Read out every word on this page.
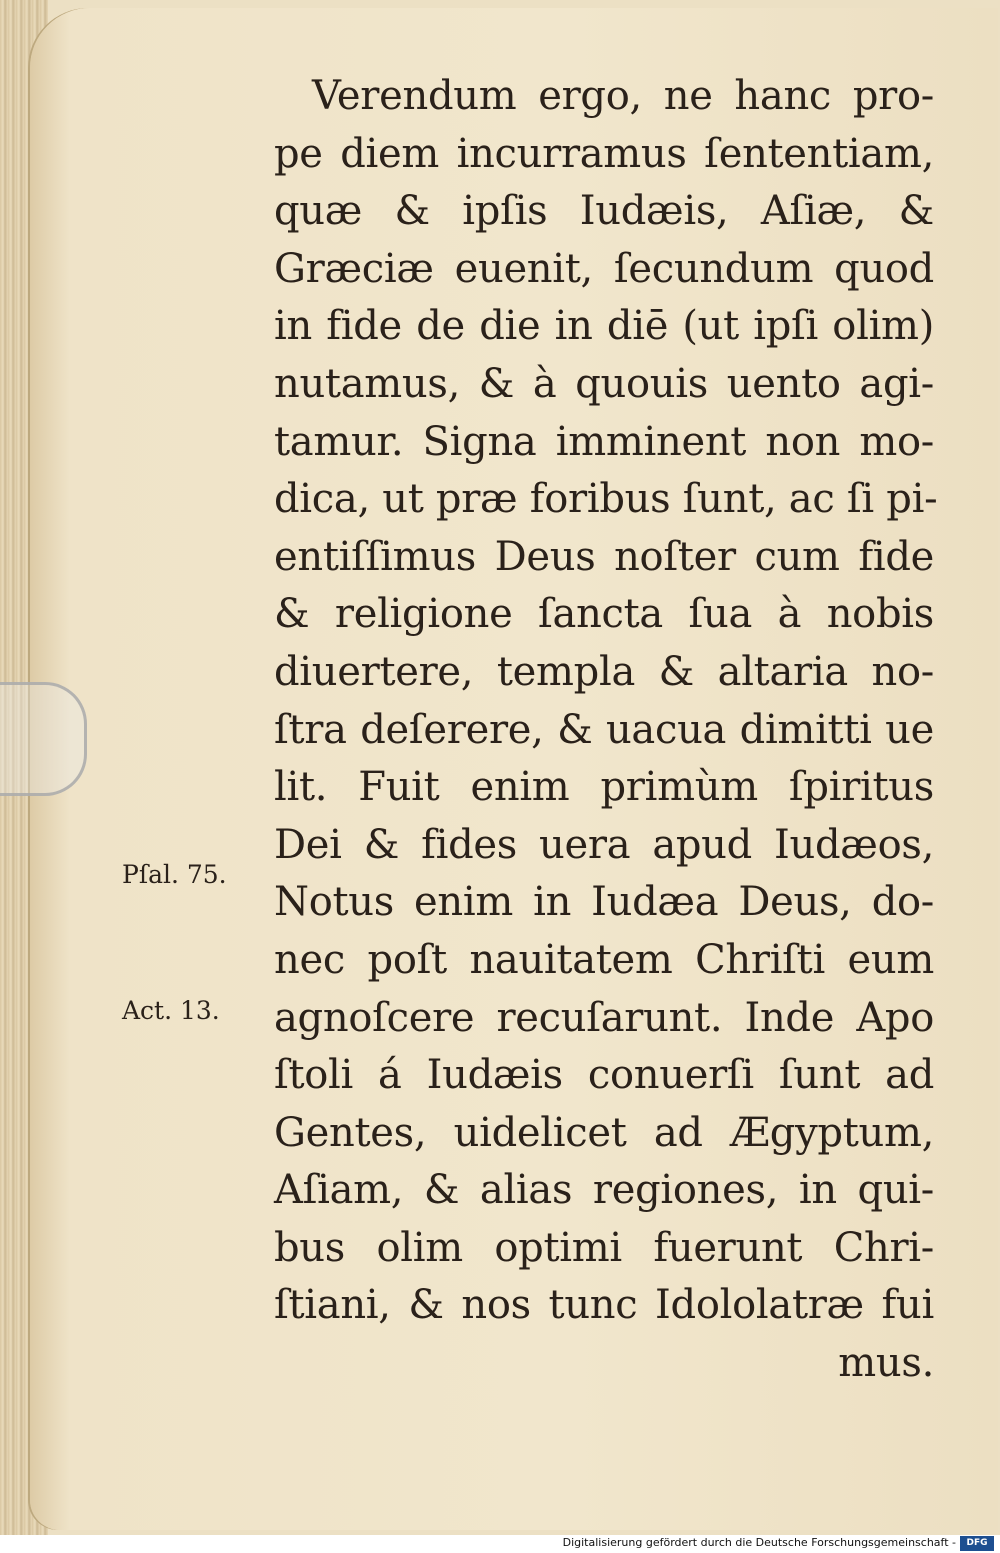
Verendum ergo, ne hanc pro-
pe diem incurramus ſententiam,
quæ & ipſis Iudæis, Aſiæ, &
Græciæ euenit, ſecundum quod
in fide de die in diē (ut ipſi olim)
nutamus, & à quouis uento agi-
tamur. Signa imminent non mo-
dica, ut præ foribus ſunt, ac ſi pi-
entiſſimus Deus noſter cum fide
& religione ſancta ſua à nobis
diuertere, templa & altaria no-
ſtra deſerere, & uacua dimitti ue
lit. Fuit enim primùm ſpiritus
Dei & fides uera apud Iudæos,
Notus enim in Iudæa Deus, do-
nec poſt nauitatem Chriſti eum
agnoſcere recuſarunt. Inde Apo
ſtoli á Iudæis conuerſi ſunt ad
Gentes, uidelicet ad Ægyptum,
Aſiam, & alias regiones, in qui-
bus olim optimi fuerunt Chri-
ſtiani, & nos tunc Idololatræ fui
mus.
Pſal. 75.
Act. 13.
Digitalisierung gefördert durch die Deutsche Forschungsgemeinschaft -	DFG
